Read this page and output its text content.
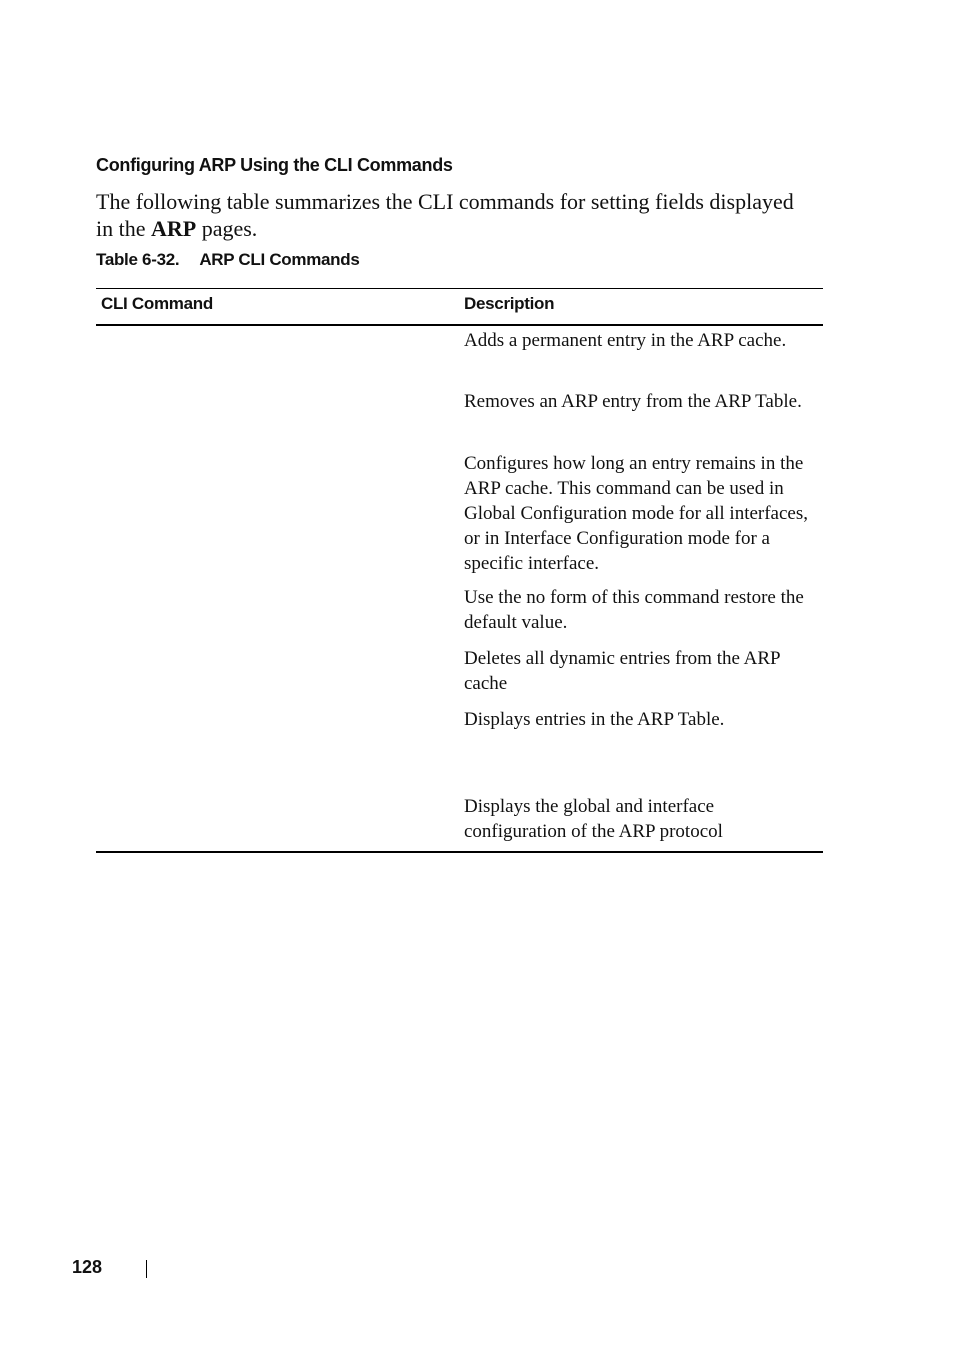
Configuring ARP Using the CLI Commands
The following table summarizes the CLI commands for setting fields displayed in the ARP pages.
Table 6-32. ARP CLI Commands
CLI Command	Description
Adds a permanent entry in the ARP cache.
Removes an ARP entry from the ARP Table.
Configures how long an entry remains in the ARP cache. This command can be used in Global Configuration mode for all interfaces, or in Interface Configuration mode for a specific interface.
Use the no form of this command restore the default value.
Deletes all dynamic entries from the ARP cache
Displays entries in the ARP Table.
Displays the global and interface configuration of the ARP protocol
128
